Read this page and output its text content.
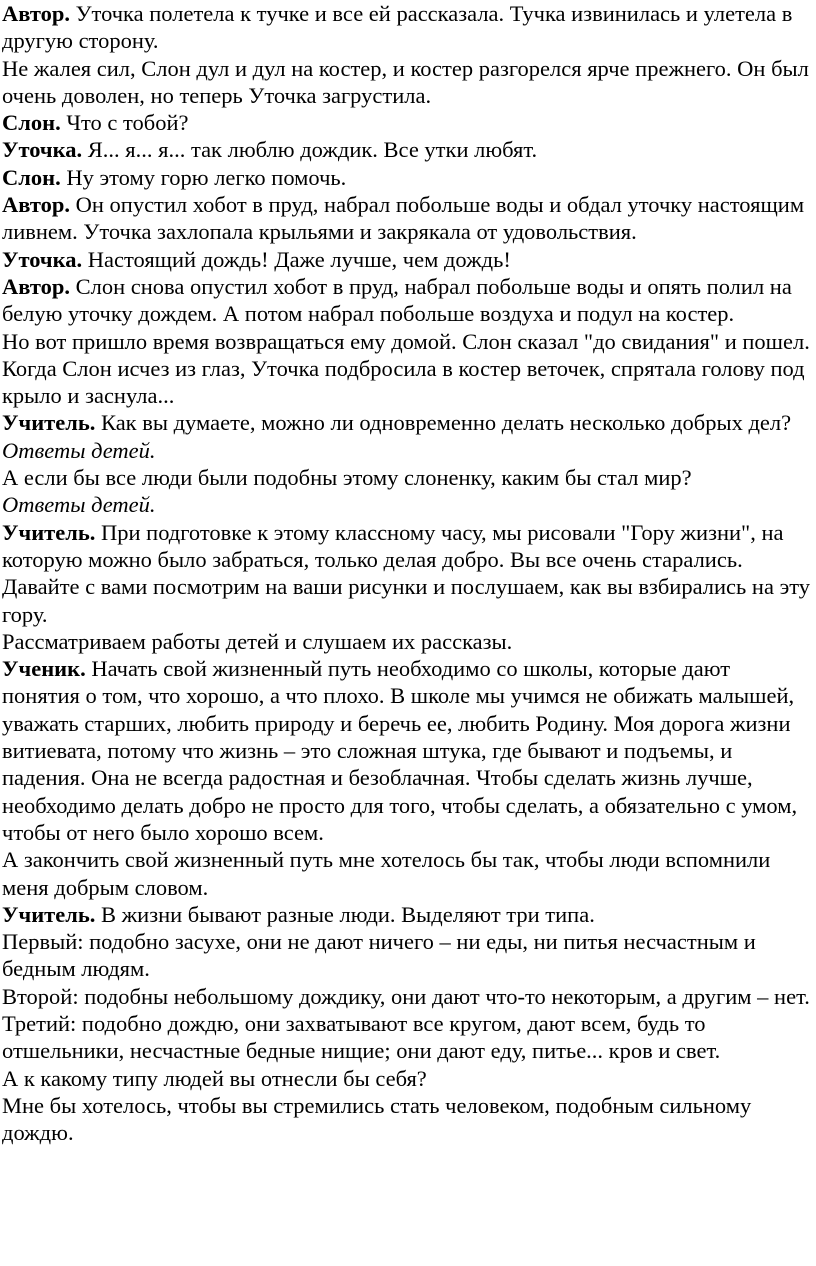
Автор. Уточка полетела к тучке и все ей рассказала. Тучка извинилась и улетела в другую сторону.

Не жалея сил, Слон дул и дул на костер, и костер разгорелся ярче прежнего. Он был очень доволен, но теперь Уточка загрустила.

Слон. Что с тобой?

Уточка. Я... я... я... так люблю дождик. Все утки любят.

Слон. Ну этому горю легко помочь.

Автор. Он опустил хобот в пруд, набрал побольше воды и обдал уточку настоящим ливнем. Уточка захлопала крыльями и закрякала от удовольствия.

Уточка. Настоящий дождь! Даже лучше, чем дождь!

Автор. Слон снова опустил хобот в пруд, набрал побольше воды и опять полил на белую уточку дождем. А потом набрал побольше воздуха и подул на костер.

Но вот пришло время возвращаться ему домой. Слон сказал "до свидания" и пошел. Когда Слон исчез из глаз, Уточка подбросила в костер веточек, спрятала голову под крыло и заснула...

Учитель. Как вы думаете, можно ли одновременно делать несколько добрых дел?

Ответы детей.

А если бы все люди были подобны этому слоненку, каким бы стал мир?

Ответы детей.

Учитель. При подготовке к этому классному часу, мы рисовали "Гору жизни", на которую можно было забраться, только делая добро. Вы все очень старались. Давайте с вами посмотрим на ваши рисунки и послушаем, как вы взбирались на эту гору.

Рассматриваем работы детей и слушаем их рассказы.

Ученик. Начать свой жизненный путь необходимо со школы, которые дают понятия о том, что хорошо, а что плохо. В школе мы учимся не обижать малышей, уважать старших, любить природу и беречь ее, любить Родину. Моя дорога жизни витиеватa, потому что жизнь – это сложная штука, где бывают и подъемы, и падения. Она не всегда радостная и безоблачная. Чтобы сделать жизнь лучше, необходимо делать добро не просто для того, чтобы сделать, а обязательно с умом, чтобы от него было хорошо всем.

А закончить свой жизненный путь мне хотелось бы так, чтобы люди вспомнили меня добрым словом.

Учитель. В жизни бывают разные люди. Выделяют три типа.

Первый: подобно засухе, они не дают ничего – ни еды, ни питья несчастным и бедным людям.

Второй: подобны небольшому дождику, они дают что-то некоторым, а другим – нет.

Третий: подобно дождю, они захватывают все кругом, дают всем, будь то отшельники, несчастные бедные нищие; они дают еду, питье... кров и свет.

А к какому типу людей вы отнесли бы себя?

Мне бы хотелось, чтобы вы стремились стать человеком, подобным сильному дождю.
